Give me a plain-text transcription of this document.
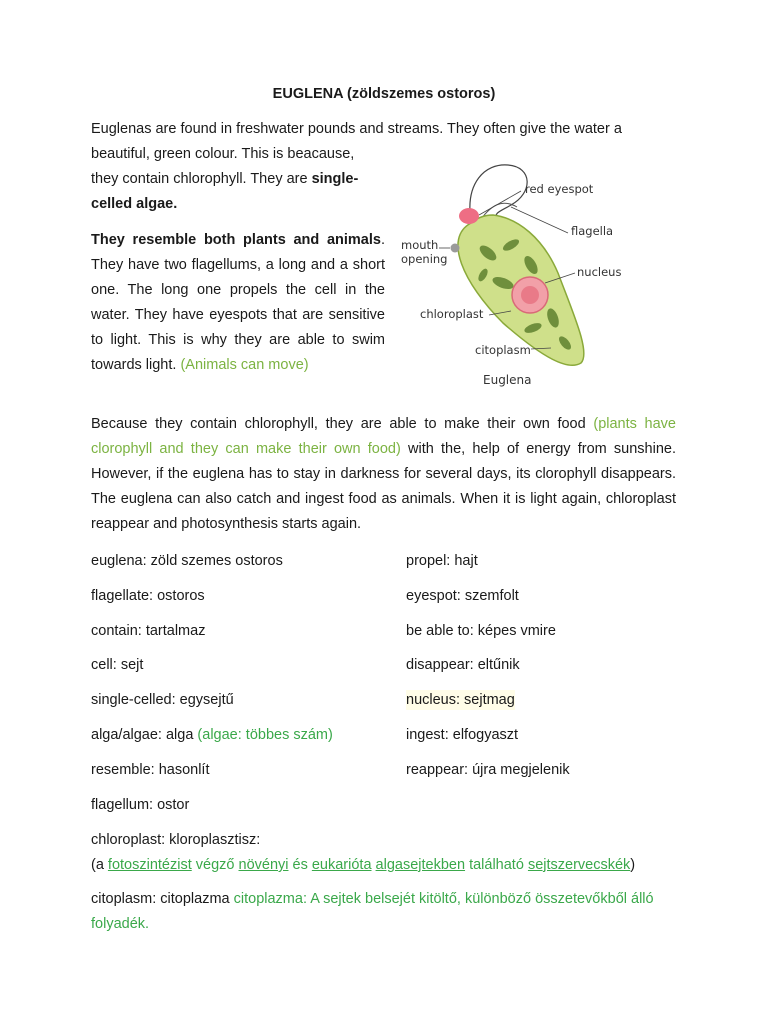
EUGLENA (zöldszemes ostoros)
Euglenas are found in freshwater pounds and streams. They often give the water a
beautiful, green colour. This is beacause,
they contain chlorophyll. They are single-celled algae.
They resemble both plants and animals. They have two flagellums, a long and a short one. The long one propels the cell in the water. They have eyespots that are sensitive to light. This is why they are able to swim towards light. (Animals can move)
red eyespot
flagella
mouth
opening
nucleus
chloroplast
citoplasm
Euglena
Because they contain chlorophyll, they are able to make their own food (plants have clorophyll and they can make their own food) with the, help of energy from sunshine. However, if the euglena has to stay in darkness for several days, its clorophyll disappears. The euglena can also catch and ingest food as animals. When it is light again, chloroplast reappear and photosynthesis starts again.
euglena: zöld szemes ostoros
flagellate: ostoros
contain: tartalmaz
cell: sejt
single-celled: egysejtű
alga/algae: alga (algae: többes szám)
resemble: hasonlít
flagellum: ostor
propel: hajt
eyespot: szemfolt
be able to: képes vmire
disappear: eltűnik
nucleus: sejtmag
ingest: elfogyaszt
reappear: újra megjelenik
chloroplast: kloroplasztisz:
(a fotoszintézist végző növényi és eukarióta algasejtekben található sejtszervecskék)
citoplasm: citoplazma citoplazma: A sejtek belsejét kitöltő, különböző összetevőkből álló folyadék.
